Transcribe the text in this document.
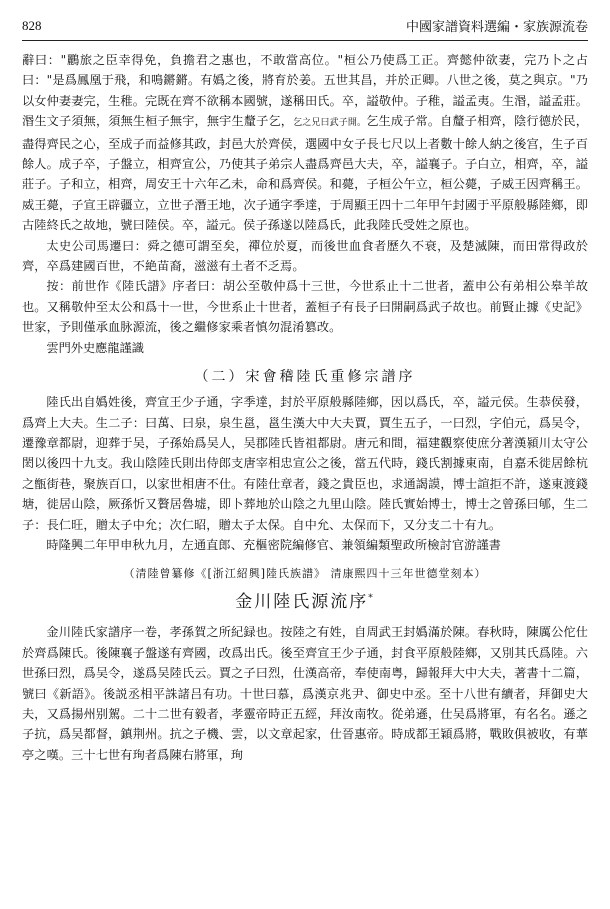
828	中國家譜資料選編・家族源流卷

辭曰："鸝旅之臣幸得免，負擔君之惠也，不敢當高位。"桓公乃使爲工正。齊懿仲欲妻，完乃卜之占曰："是爲鳳凰于飛，和鳴鏘鏘。有嬀之後，將育於姜。五世其昌，并於正卿。八世之後，莫之與京。"乃以女仲妻妻完，生稚。完既在齊不欲稱本國號，遂稱田氏。卒，謚敬仲。子稚，謚孟夷。生湣，謚孟莊。湣生文子須無，須無生桓子無宇，無宇生釐子乞，乞之兄曰武子開。乞生成子常。自釐子相齊，陰行德於民，盡得齊民之心，至成子而益修其政，封邑大於齊侯，選國中女子長七尺以上者數十餘人納之後宫，生子百餘人。成子卒，子盤立，相齊宣公，乃使其子弟宗人盡爲齊邑大夫，卒，謚襄子。子白立，相齊，卒，謚莊子。子和立，相齊，周安王十六年乙未，命和爲齊侯。和薨，子桓公午立，桓公薨，子威王因齊稱王。威王薨，子宣王辟疆立，立世子潛王地，次子通字季達，于周顯王四十二年甲午封國于平原般縣陸鄉，即古陸終氏之故地，號曰陸侯。卒，謚元。侯子孫遂以陸爲氏，此我陸氏受姓之原也。

太史公司馬遷曰：舜之德可謂至矣，禪位於夏，而後世血食者歷久不衰，及楚滅陳，而田常得政於齊，卒爲建國百世，不絶苗裔，滋滋有土者不乏焉。

按：前世作《陸氏譜》序者曰：胡公至敬仲爲十三世，今世系止十二世者，蓋申公有弟相公皋羊故也。又稱敬仲至太公和爲十一世，今世系止十世者，蓋桓子有長子曰開嗣爲武子故也。前賢止據《史記》世家，予則僅承血脉源流，後之繼修家乘者慎勿混淆篡改。

雲門外史應龍謹識
（二）宋會稽陸氏重修宗譜序

陸氏出自嬀姓後，齊宣王少子通，字季達，封於平原般縣陸鄉，因以爲氏，卒，謚元侯。生恭侯發，爲齊上大夫。生二子：曰萬、曰泉，泉生邕，邕生漢大中大夫賈，賈生五子，一曰烈，字伯元，爲吴令，遷豫章都尉，迎葬于吴，子孫始爲吴人，吴郡陸氏皆祖都尉。唐元和間，福建觀察使庶分著漢潁川太守公閎以後四十九支。我山陰陸氏則出侍郎支唐宰相忠宣公之後，當五代時，錢氏割據東南，自嘉禾徙居餘杭之甑街巷，聚族百口，以家世相唐不仕。有陸仕章者，錢之貴臣也，求通謁謨，博士諠拒不許，遂東渡錢塘，徙居山陰，厥孫忻又贅居魯墟，即卜葬地於山陰之九里山陰。陸氏實始博士，博士之曾孫曰郇，生二子：長仁旺，贈太子中允；次仁昭，贈太子太保。自中允、太保而下，又分支二十有九。

時隆興二年甲申秋九月，左通直郎、充樞密院編修官、兼領編類聖政所檢討官游謹書

（清陸曾纂修《[浙江紹興]陸氏族譜》 清康熙四十三年世德堂刻本）
金川陸氏源流序*

金川陸氏家譜序一卷，孝孫賀之所紀録也。按陸之有姓，自周武王封嬀滿於陳。春秋時，陳厲公佗仕於齊爲陳氏。後陳襄子盤遂有齊國，改爲出氏。後至齊宣王少子通，封食平原般陸鄉，又別其氏爲陸。六世孫曰烈，爲吴令，遂爲吴陸氏云。賈之子曰烈，仕漢高帝，奉使南粤，歸報拜大中大夫，著書十二篇，號曰《新語》。後説丞相平誅諸吕有功。十世曰慕，爲漢京兆尹、御史中丞。至十八世有續者，拜御史大夫，又爲揚州别駕。二十二世有毅者，孝靈帝時正五經，拜汝南牧。從弟遜，仕吴爲將軍，有名名。遜之子抗，爲吴都督，鎮荆州。抗之子機、雲，以文章起家，仕晉惠帝。時成都王穎爲將，戰敗俱被收，有華亭之嘆。三十七世有珣者爲陳右將軍，珣
